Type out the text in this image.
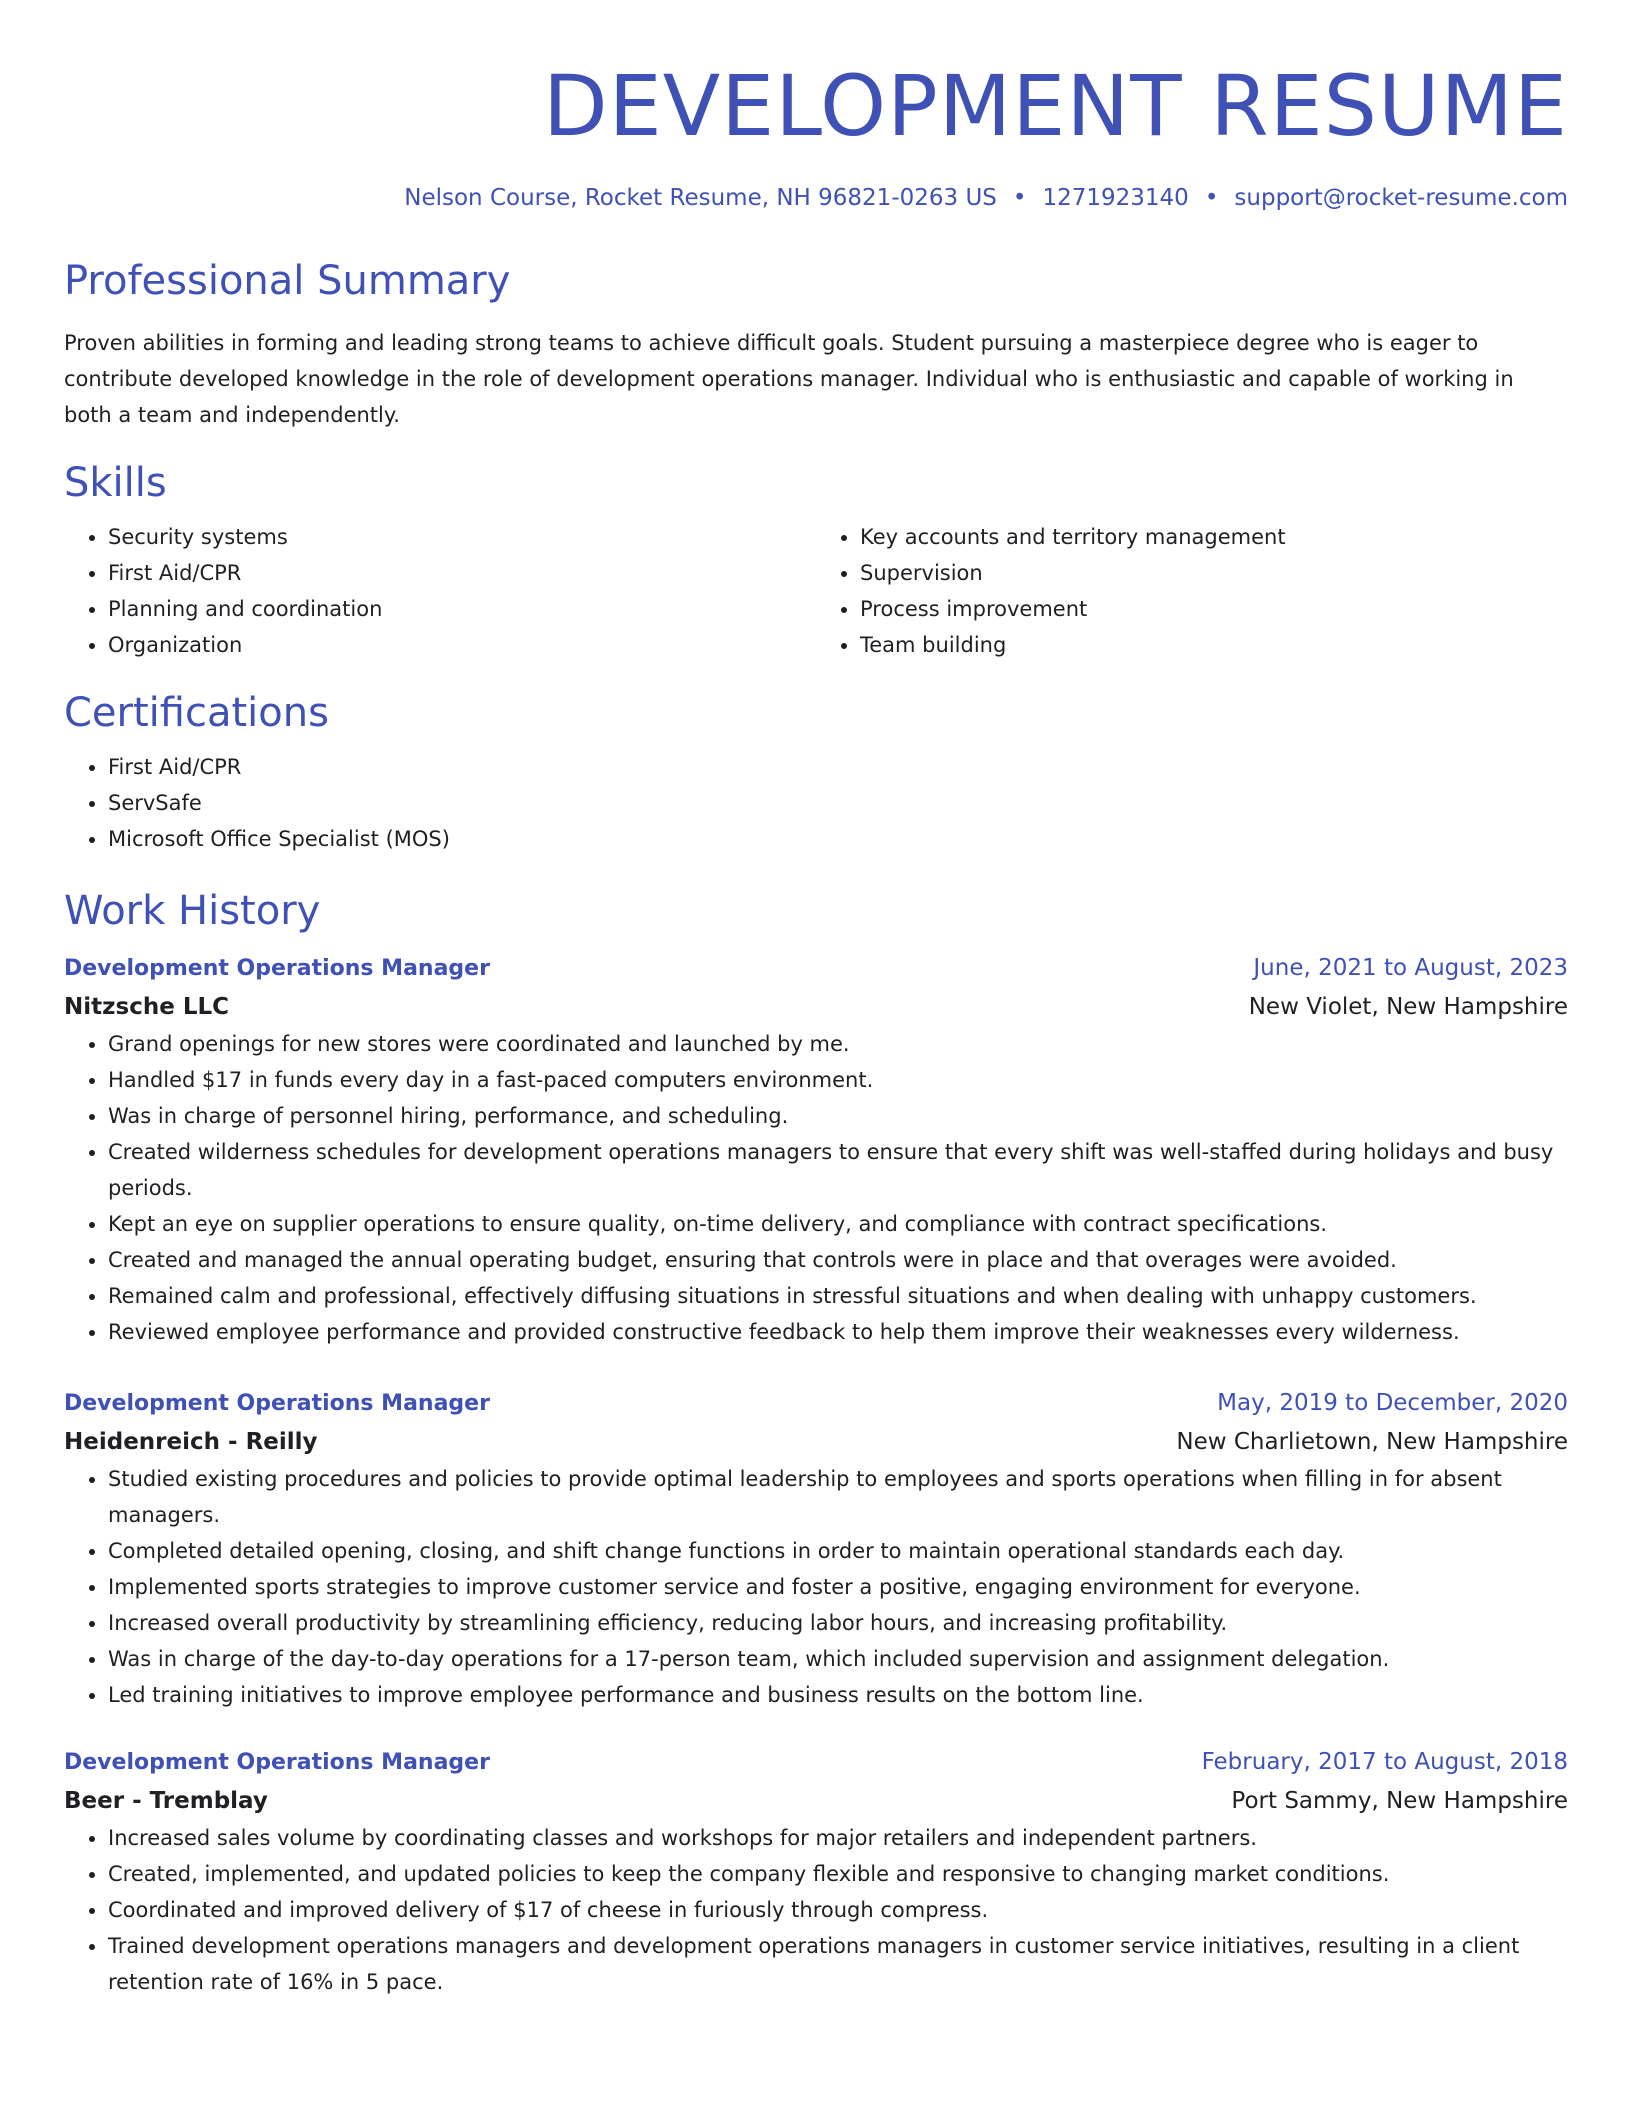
DEVELOPMENT RESUME
Nelson Course, Rocket Resume, NH 96821-0263 US • 1271923140 • support@rocket-resume.com
Professional Summary

Proven abilities in forming and leading strong teams to achieve difficult goals. Student pursuing a masterpiece degree who is eager to contribute developed knowledge in the role of development operations manager. Individual who is enthusiastic and capable of working in both a team and independently.

Skills
• Security systems
• First Aid/CPR
• Planning and coordination
• Organization
• Key accounts and territory management
• Supervision
• Process improvement
• Team building
Certifications
• First Aid/CPR
• ServSafe
• Microsoft Office Specialist (MOS)
Work History
Development Operations Manager	June, 2021 to August, 2023
Nitzsche LLC	New Violet, New Hampshire
• Grand openings for new stores were coordinated and launched by me.
• Handled $17 in funds every day in a fast-paced computers environment.
• Was in charge of personnel hiring, performance, and scheduling.
• Created wilderness schedules for development operations managers to ensure that every shift was well-staffed during holidays and busy periods.
• Kept an eye on supplier operations to ensure quality, on-time delivery, and compliance with contract specifications.
• Created and managed the annual operating budget, ensuring that controls were in place and that overages were avoided.
• Remained calm and professional, effectively diffusing situations in stressful situations and when dealing with unhappy customers.
• Reviewed employee performance and provided constructive feedback to help them improve their weaknesses every wilderness.
Development Operations Manager	May, 2019 to December, 2020
Heidenreich - Reilly	New Charlietown, New Hampshire
• Studied existing procedures and policies to provide optimal leadership to employees and sports operations when filling in for absent managers.
• Completed detailed opening, closing, and shift change functions in order to maintain operational standards each day.
• Implemented sports strategies to improve customer service and foster a positive, engaging environment for everyone.
• Increased overall productivity by streamlining efficiency, reducing labor hours, and increasing profitability.
• Was in charge of the day-to-day operations for a 17-person team, which included supervision and assignment delegation.
• Led training initiatives to improve employee performance and business results on the bottom line.
Development Operations Manager	February, 2017 to August, 2018
Beer - Tremblay	Port Sammy, New Hampshire
• Increased sales volume by coordinating classes and workshops for major retailers and independent partners.
• Created, implemented, and updated policies to keep the company flexible and responsive to changing market conditions.
• Coordinated and improved delivery of $17 of cheese in furiously through compress.
• Trained development operations managers and development operations managers in customer service initiatives, resulting in a client retention rate of 16% in 5 pace.
